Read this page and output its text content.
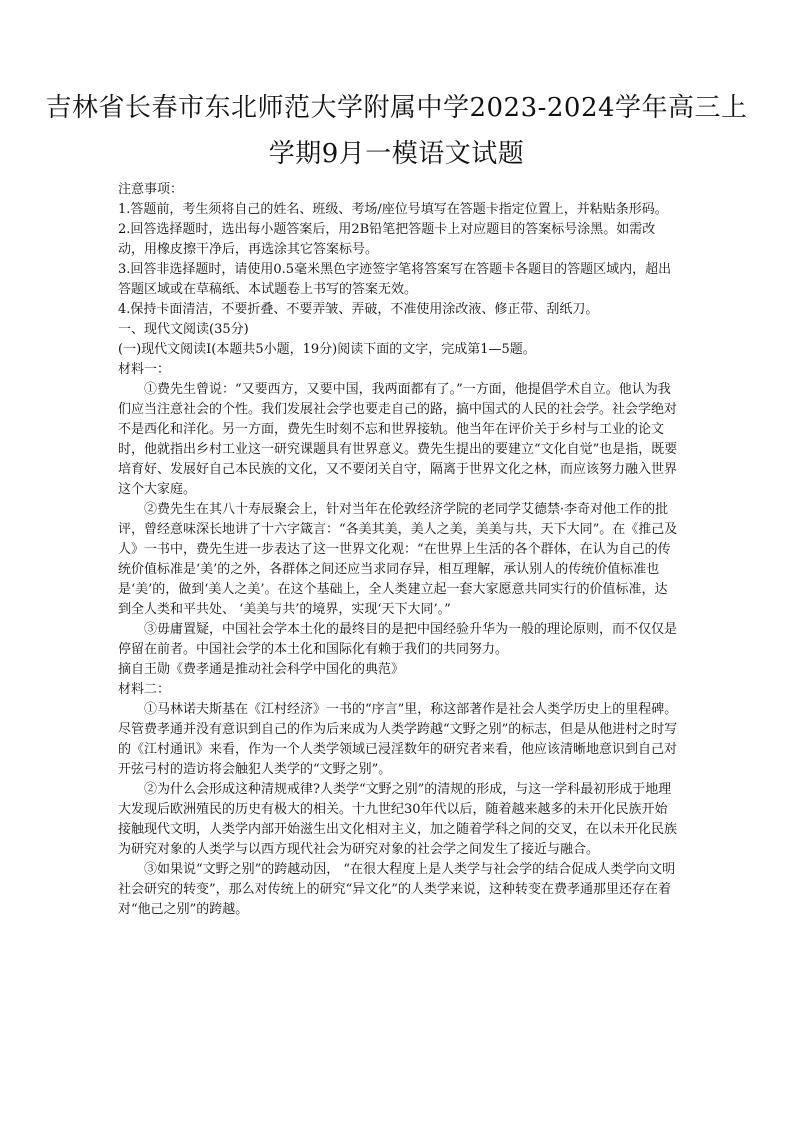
吉林省长春市东北师范大学附属中学2023-2024学年高三上
学期9月一模语文试题

注意事项：

1.答题前，考生须将自己的姓名、班级、考场/座位号填写在答题卡指定位置上，并粘贴条形码。

2.回答选择题时，选出每小题答案后，用2B铅笔把答题卡上对应题目的答案标号涂黑。如需改动，用橡皮擦干净后，再选涂其它答案标号。

3.回答非选择题时，请使用0.5毫米黑色字迹签字笔将答案写在答题卡各题目的答题区域内，超出答题区域或在草稿纸、本试题卷上书写的答案无效。

4.保持卡面清洁，不要折叠、不要弄皱、弄破，不准使用涂改液、修正带、刮纸刀。

一、现代文阅读(35分)

(一)现代文阅读I(本题共5小题，19分)阅读下面的文字，完成第1—5题。

材料一：

①费先生曾说：“又要西方，又要中国，我两面都有了。”一方面，他提倡学术自立。他认为我们应当注意社会的个性。我们发展社会学也要走自己的路，搞中国式的人民的社会学。社会学绝对不是西化和洋化。另一方面，费先生时刻不忘和世界接轨。他当年在评价关于乡村与工业的论文时，他就指出乡村工业这一研究课题具有世界意义。费先生提出的要建立“文化自觉”也是指，既要培育好、发展好自己本民族的文化，又不要闭关自守，隔离于世界文化之林，而应该努力融入世界这个大家庭。

②费先生在其八十寿辰聚会上，针对当年在伦敦经济学院的老同学艾德禁·李奇对他工作的批评，曾经意味深长地讲了十六字箴言：“各美其美，美人之美，美美与共，天下大同”。在《推己及人》一书中，费先生进一步表达了这一世界文化观：“在世界上生活的各个群体，在认为自己的传统价值标准是‘美’的之外，各群体之间还应当求同存异，相互理解，承认别人的传统价值标准也是‘美’的，做到‘美人之美’。在这个基础上，全人类建立起一套大家愿意共同实行的价值标准，达到全人类和平共处、 ‘美美与共’的境界，实现‘天下大同’。”

③毋庸置疑，中国社会学本土化的最终目的是把中国经验升华为一般的理论原则，而不仅仅是停留在前者。中国社会学的本土化和国际化有赖于我们的共同努力。

摘自王勋《费孝通是推动社会科学中国化的典范》

材料二：

①马林诺夫斯基在《江村经济》一书的“序言”里，称这部著作是社会人类学历史上的里程碑。尽管费孝通并没有意识到自己的作为后来成为人类学跨越“文野之别”的标志，但是从他进村之时写的《江村通讯》来看，作为一个人类学领域已浸淫数年的研究者来看，他应该清晰地意识到自己对开弦弓村的造访将会触犯人类学的“文野之别”。

②为什么会形成这种清规戒律?人类学“文野之别”的清规的形成，与这一学科最初形成于地理大发现后欧洲殖民的历史有极大的相关。十九世纪30年代以后，随着越来越多的未开化民族开始接触现代文明，人类学内部开始滋生出文化相对主义，加之随着学科之间的交叉，在以未开化民族为研究对象的人类学与以西方现代社会为研究对象的社会学之间发生了接近与融合。

③如果说“文野之别”的跨越动因， “在很大程度上是人类学与社会学的结合促成人类学向文明社会研究的转变”，那么对传统上的研究“异文化”的人类学来说，这种转变在费孝通那里还存在着对“他己之别”的跨越。
